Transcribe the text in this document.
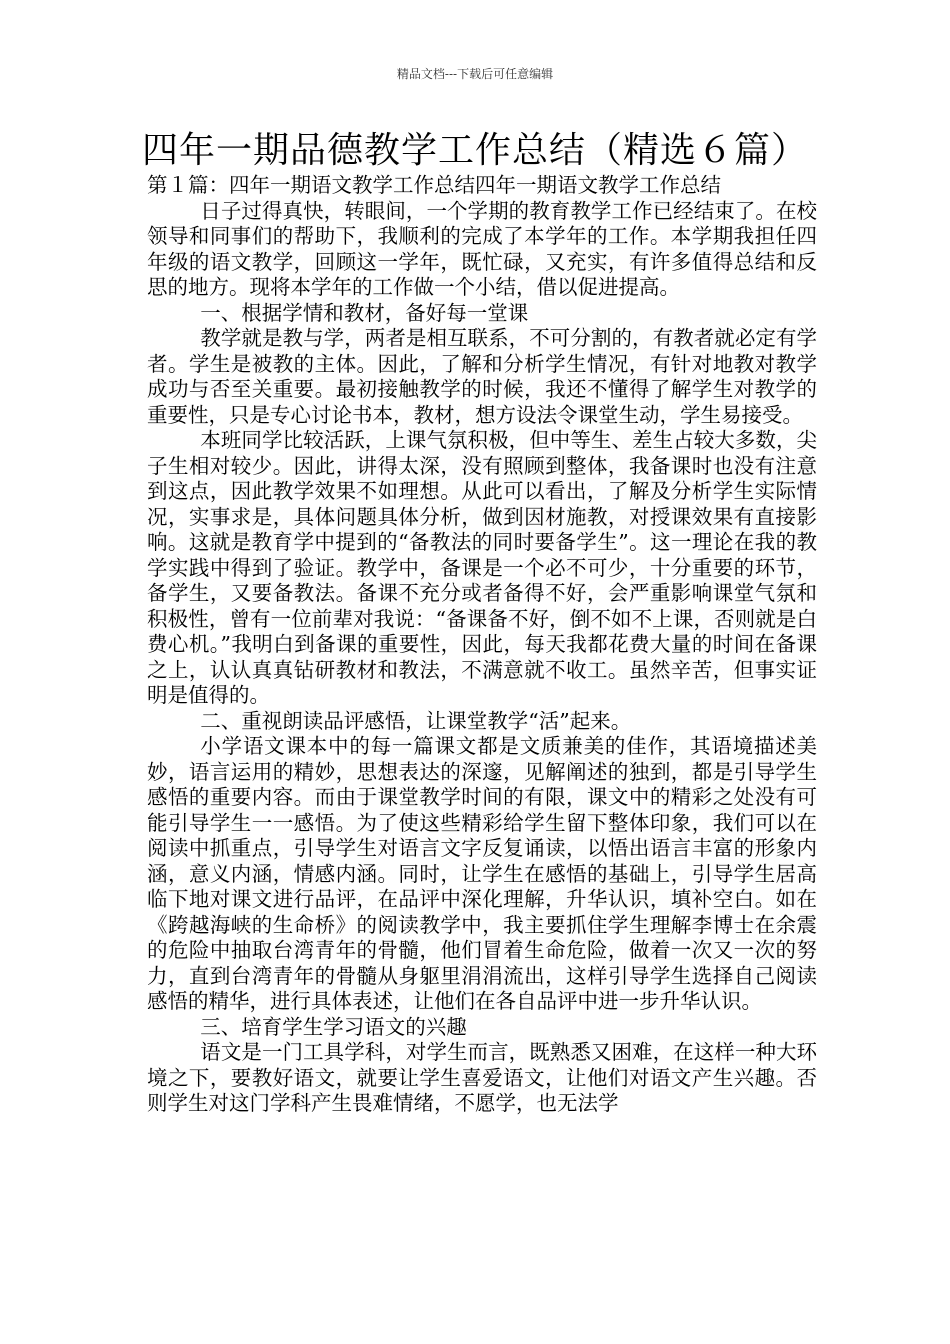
精品文档---下载后可任意编辑
四年一期品德教学工作总结（精选６篇）

第１篇：四年一期语文教学工作总结四年一期语文教学工作总结

日子过得真快，转眼间，一个学期的教育教学工作已经结束了。在校领导和同事们的帮助下，我顺利的完成了本学年的工作。本学期我担任四年级的语文教学，回顾这一学年，既忙碌，又充实，有许多值得总结和反思的地方。现将本学年的工作做一个小结，借以促进提高。

一、根据学情和教材，备好每一堂课

教学就是教与学，两者是相互联系，不可分割的，有教者就必定有学者。学生是被教的主体。因此，了解和分析学生情况，有针对地教对教学成功与否至关重要。最初接触教学的时候，我还不懂得了解学生对教学的重要性，只是专心讨论书本，教材，想方设法令课堂生动，学生易接受。

本班同学比较活跃，上课气氛积极，但中等生、差生占较大多数，尖子生相对较少。因此，讲得太深，没有照顾到整体，我备课时也没有注意到这点，因此教学效果不如理想。从此可以看出，了解及分析学生实际情况，实事求是，具体问题具体分析，做到因材施教，对授课效果有直接影响。这就是教育学中提到的“备教法的同时要备学生”。这一理论在我的教学实践中得到了验证。教学中，备课是一个必不可少，十分重要的环节，备学生，又要备教法。备课不充分或者备得不好，会严重影响课堂气氛和积极性，曾有一位前辈对我说：“备课备不好，倒不如不上课，否则就是白费心机。”我明白到备课的重要性，因此，每天我都花费大量的时间在备课之上，认认真真钻研教材和教法，不满意就不收工。虽然辛苦，但事实证明是值得的。

二、重视朗读品评感悟，让课堂教学“活”起来。

小学语文课本中的每一篇课文都是文质兼美的佳作，其语境描述美妙，语言运用的精妙，思想表达的深邃，见解阐述的独到，都是引导学生感悟的重要内容。而由于课堂教学时间的有限，课文中的精彩之处没有可能引导学生一一感悟。为了使这些精彩给学生留下整体印象，我们可以在阅读中抓重点，引导学生对语言文字反复诵读，以悟出语言丰富的形象内涵，意义内涵，情感内涵。同时，让学生在感悟的基础上，引导学生居高临下地对课文进行品评，在品评中深化理解，升华认识，填补空白。如在《跨越海峡的生命桥》的阅读教学中，我主要抓住学生理解李博士在余震的危险中抽取台湾青年的骨髓，他们冒着生命危险，做着一次又一次的努力，直到台湾青年的骨髓从身躯里涓涓流出，这样引导学生选择自己阅读感悟的精华，进行具体表述，让他们在各自品评中进一步升华认识。

三、培育学生学习语文的兴趣

语文是一门工具学科，对学生而言，既熟悉又困难，在这样一种大环境之下，要教好语文，就要让学生喜爱语文，让他们对语文产生兴趣。否则学生对这门学科产生畏难情绪，不愿学，也无法学
